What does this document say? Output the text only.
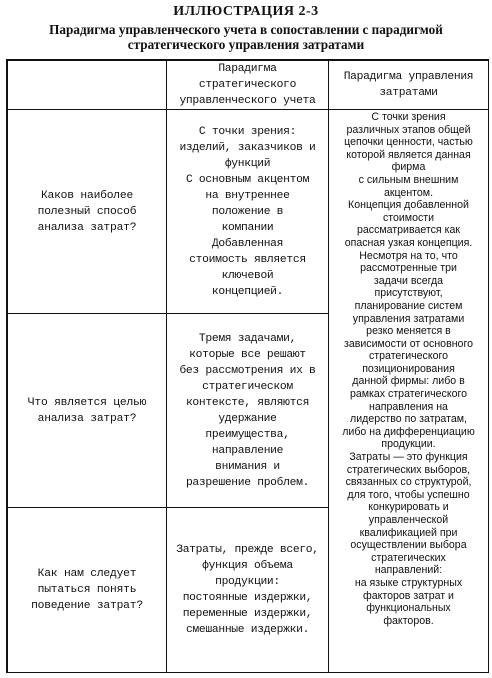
ИЛЛЮСТРАЦИЯ 2-3
Парадигма управленческого учета в сопоставлении с парадигмой
стратегического управления затратами
Парадигма
стратегического
управленческого учета
Парадигма управления
затратами
Каков наиболее
полезный способ
анализа затрат?
С точки зрения:
изделий, заказчиков и
функций
С основным акцентом
на внутреннее
положение в
компании
Добавленная
стоимость является
ключевой
концепцией.
Что является целью
анализа затрат?
Тремя задачами,
которые все решают
без рассмотрения их в
стратегическом
контексте, являются
удержание
преимущества,
направление
внимания и
разрешение проблем.
Как нам следует
пытаться понять
поведение затрат?
Затраты, прежде всего,
функция объема
продукции:
постоянные издержки,
переменные издержки,
смешанные издержки.
С точки зрения
различных этапов общей
цепочки ценности, частью
которой является данная
фирма
с сильным внешним
акцентом.
Концепция добавленной
стоимости
рассматривается как
опасная узкая концепция.
Несмотря на то, что
рассмотренные три
задачи всегда
присутствуют,
планирование систем
управления затратами
резко меняется в
зависимости от основного
стратегического
позиционирования
данной фирмы: либо в
рамках стратегического
направления на
лидерство по затратам,
либо на дифференциацию
продукции.
Затраты — это функция
стратегических выборов,
связанных со структурой,
для того, чтобы успешно
конкурировать и
управленческой
квалификацией при
осуществлении выбора
стратегических
направлений:
на языке структурных
факторов затрат и
функциональных
факторов.
